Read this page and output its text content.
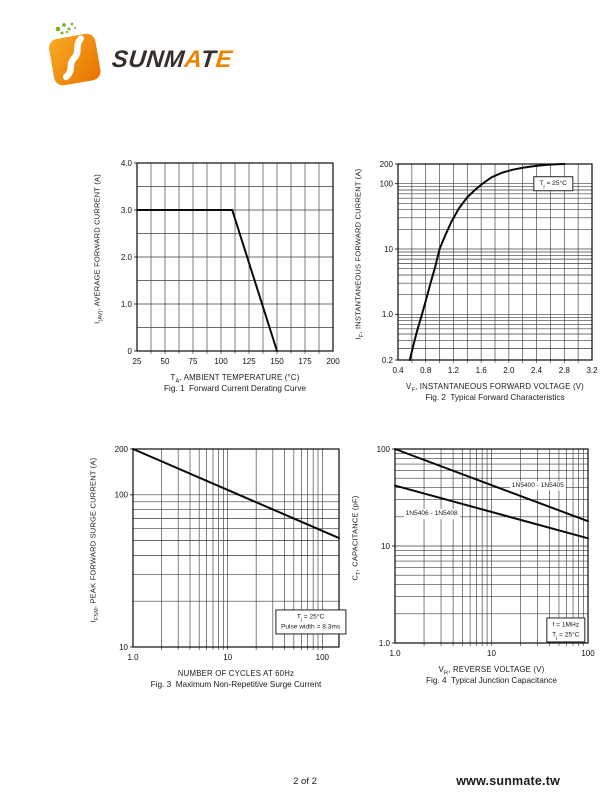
SUNMATE
$I_{(AV)}$, AVERAGE FORWARD CURRENT (A)
25 50 75 100 125 150 175 200
4.0
3.0
2.0
1.0
0
$T_A$, AMBIENT TEMPERATURE (°C)
Fig. 1  Forward Current Derating Curve
$I_F$, INSTANTANEOUS FORWARD CURRENT (A)
0.4 0.8 1.2 1.6 2.0 2.4 2.8 3.2
200
100
10
1.0
0.2
$T_j = 25^\circ C$
$V_F$, INSTANTANEOUS FORWARD VOLTAGE (V)
Fig. 2  Typical Forward Characteristics
$I_{FSM}$, PEAK FORWARD SURGE CURRENT (A)
1.0	10	100
200
100
10
$T_j = 25^\circ C$
Pulse width = 8.3ms
NUMBER OF CYCLES AT 60Hz
Fig. 3  Maximum Non-Repetitive Surge Current
$C_T$, CAPACITANCE (pF)
1.0	10	100
100
10
1.0
1N5400 - 1N5405
1N5406 - 1N5408
f = 1MHz
$T_j = 25^\circ C$
$V_R$, REVERSE VOLTAGE (V)
Fig. 4  Typical Junction Capacitance
2 of 2	www.sunmate.tw
